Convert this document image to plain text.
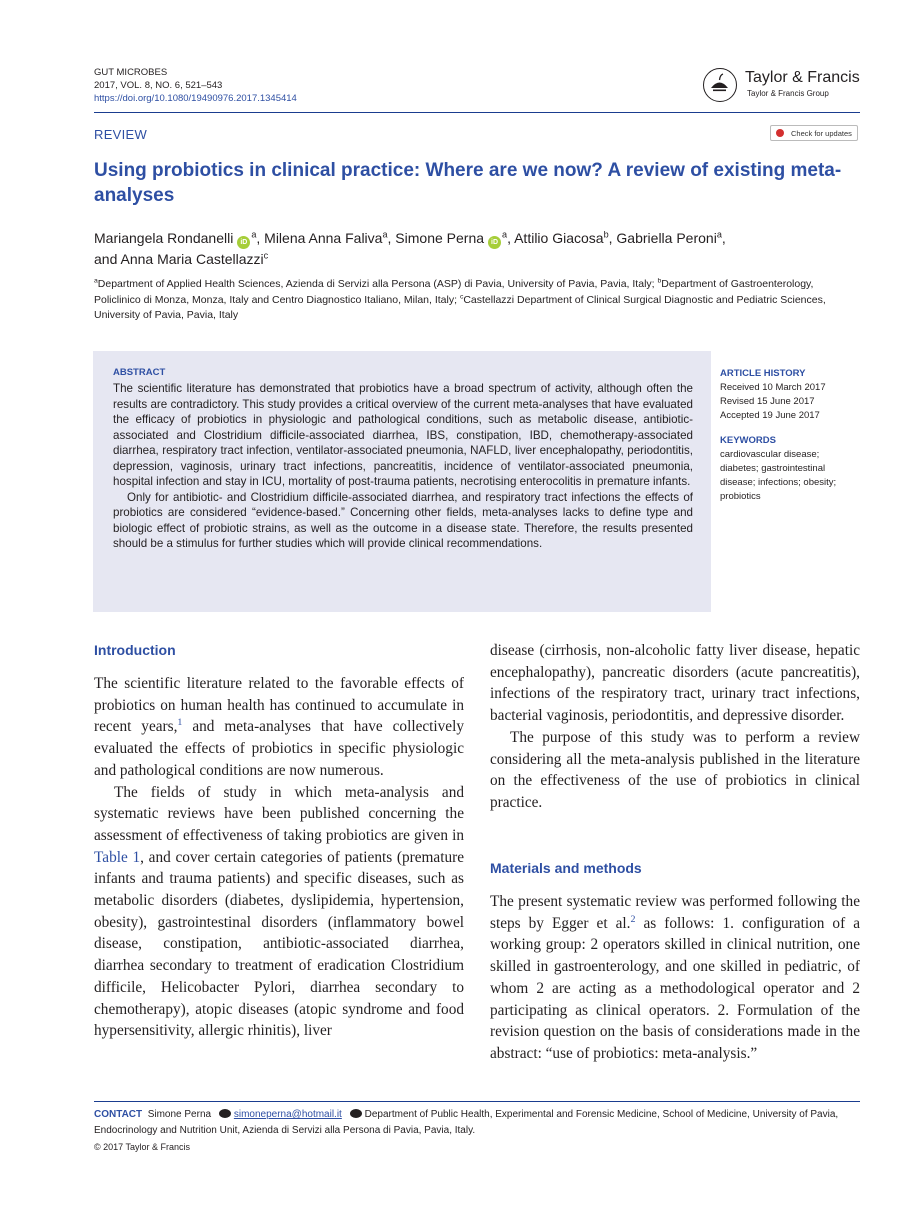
GUT MICROBES
2017, VOL. 8, NO. 6, 521–543
https://doi.org/10.1080/19490976.2017.1345414
Taylor & Francis
Taylor & Francis Group
REVIEW	Check for updates
Using probiotics in clinical practice: Where are we now? A review of existing meta-analyses
Mariangela Rondanelli $iD^a$, Milena Anna Faliva$^a$, Simone Perna $iD^a$, Attilio Giacosa$^b$, Gabriella Peroni$^a$,
and Anna Maria Castellazzi$^c$
$^a$Department of Applied Health Sciences, Azienda di Servizi alla Persona (ASP) di Pavia, University of Pavia, Pavia, Italy; $^b$Department of Gastroenterology, Policlinico di Monza, Monza, Italy and Centro Diagnostico Italiano, Milan, Italy; $^c$Castellazzi Department of Clinical Surgical Diagnostic and Pediatric Sciences, University of Pavia, Pavia, Italy
ABSTRACT

The scientific literature has demonstrated that probiotics have a broad spectrum of activity, although often the results are contradictory. This study provides a critical overview of the current meta-analyses that have evaluated the efficacy of probiotics in physiologic and pathological conditions, such as metabolic disease, antibiotic-associated and Clostridium difficile-associated diarrhea, IBS, constipation, IBD, chemotherapy-associated diarrhea, respiratory tract infection, ventilator-associated pneumonia, NAFLD, liver encephalopathy, periodontitis, depression, vaginosis, urinary tract infections, pancreatitis, incidence of ventilator-associated pneumonia, hospital infection and stay in ICU, mortality of post-trauma patients, necrotising enterocolitis in premature infants.

Only for antibiotic- and Clostridium difficile-associated diarrhea, and respiratory tract infections the effects of probiotics are considered “evidence-based.” Concerning other fields, meta-analyses lacks to define type and biologic effect of probiotic strains, as well as the outcome in a disease state. Therefore, the results presented should be a stimulus for further studies which will provide clinical recommendations.

ARTICLE HISTORY
Received 10 March 2017
Revised 15 June 2017
Accepted 19 June 2017
KEYWORDS
cardiovascular disease; diabetes; gastrointestinal disease; infections; obesity; probiotics
Introduction

The scientific literature related to the favorable effects of probiotics on human health has continued to accumulate in recent years,$^1$ and meta-analyses that have collectively evaluated the effects of probiotics in specific physiologic and pathological conditions are now numerous.

The fields of study in which meta-analysis and systematic reviews have been published concerning the assessment of effectiveness of taking probiotics are given in Table 1, and cover certain categories of patients (premature infants and trauma patients) and specific diseases, such as metabolic disorders (diabetes, dyslipidemia, hypertension, obesity), gastrointestinal disorders (inflammatory bowel disease, constipation, antibiotic-associated diarrhea, diarrhea secondary to treatment of eradication Clostridium difficile, Helicobacter Pylori, diarrhea secondary to chemotherapy), atopic diseases (atopic syndrome and food hypersensitivity, allergic rhinitis), liver

disease (cirrhosis, non-alcoholic fatty liver disease, hepatic encephalopathy), pancreatic disorders (acute pancreatitis), infections of the respiratory tract, urinary tract infections, bacterial vaginosis, periodontitis, and depressive disorder.

The purpose of this study was to perform a review considering all the meta-analysis published in the literature on the effectiveness of the use of probiotics in clinical practice.

Materials and methods

The present systematic review was performed following the steps by Egger et al.$^2$ as follows: 1. configuration of a working group: 2 operators skilled in clinical nutrition, one skilled in gastroenterology, and one skilled in pediatric, of whom 2 are acting as a methodological operator and 2 participating as clinical operators. 2. Formulation of the revision question on the basis of considerations made in the abstract: “use of probiotics: meta-analysis.”

CONTACT Simone Perna simoneperna@hotmail.it Department of Public Health, Experimental and Forensic Medicine, School of Medicine, University of Pavia, Endocrinology and Nutrition Unit, Azienda di Servizi alla Persona di Pavia, Pavia, Italy.
© 2017 Taylor & Francis
